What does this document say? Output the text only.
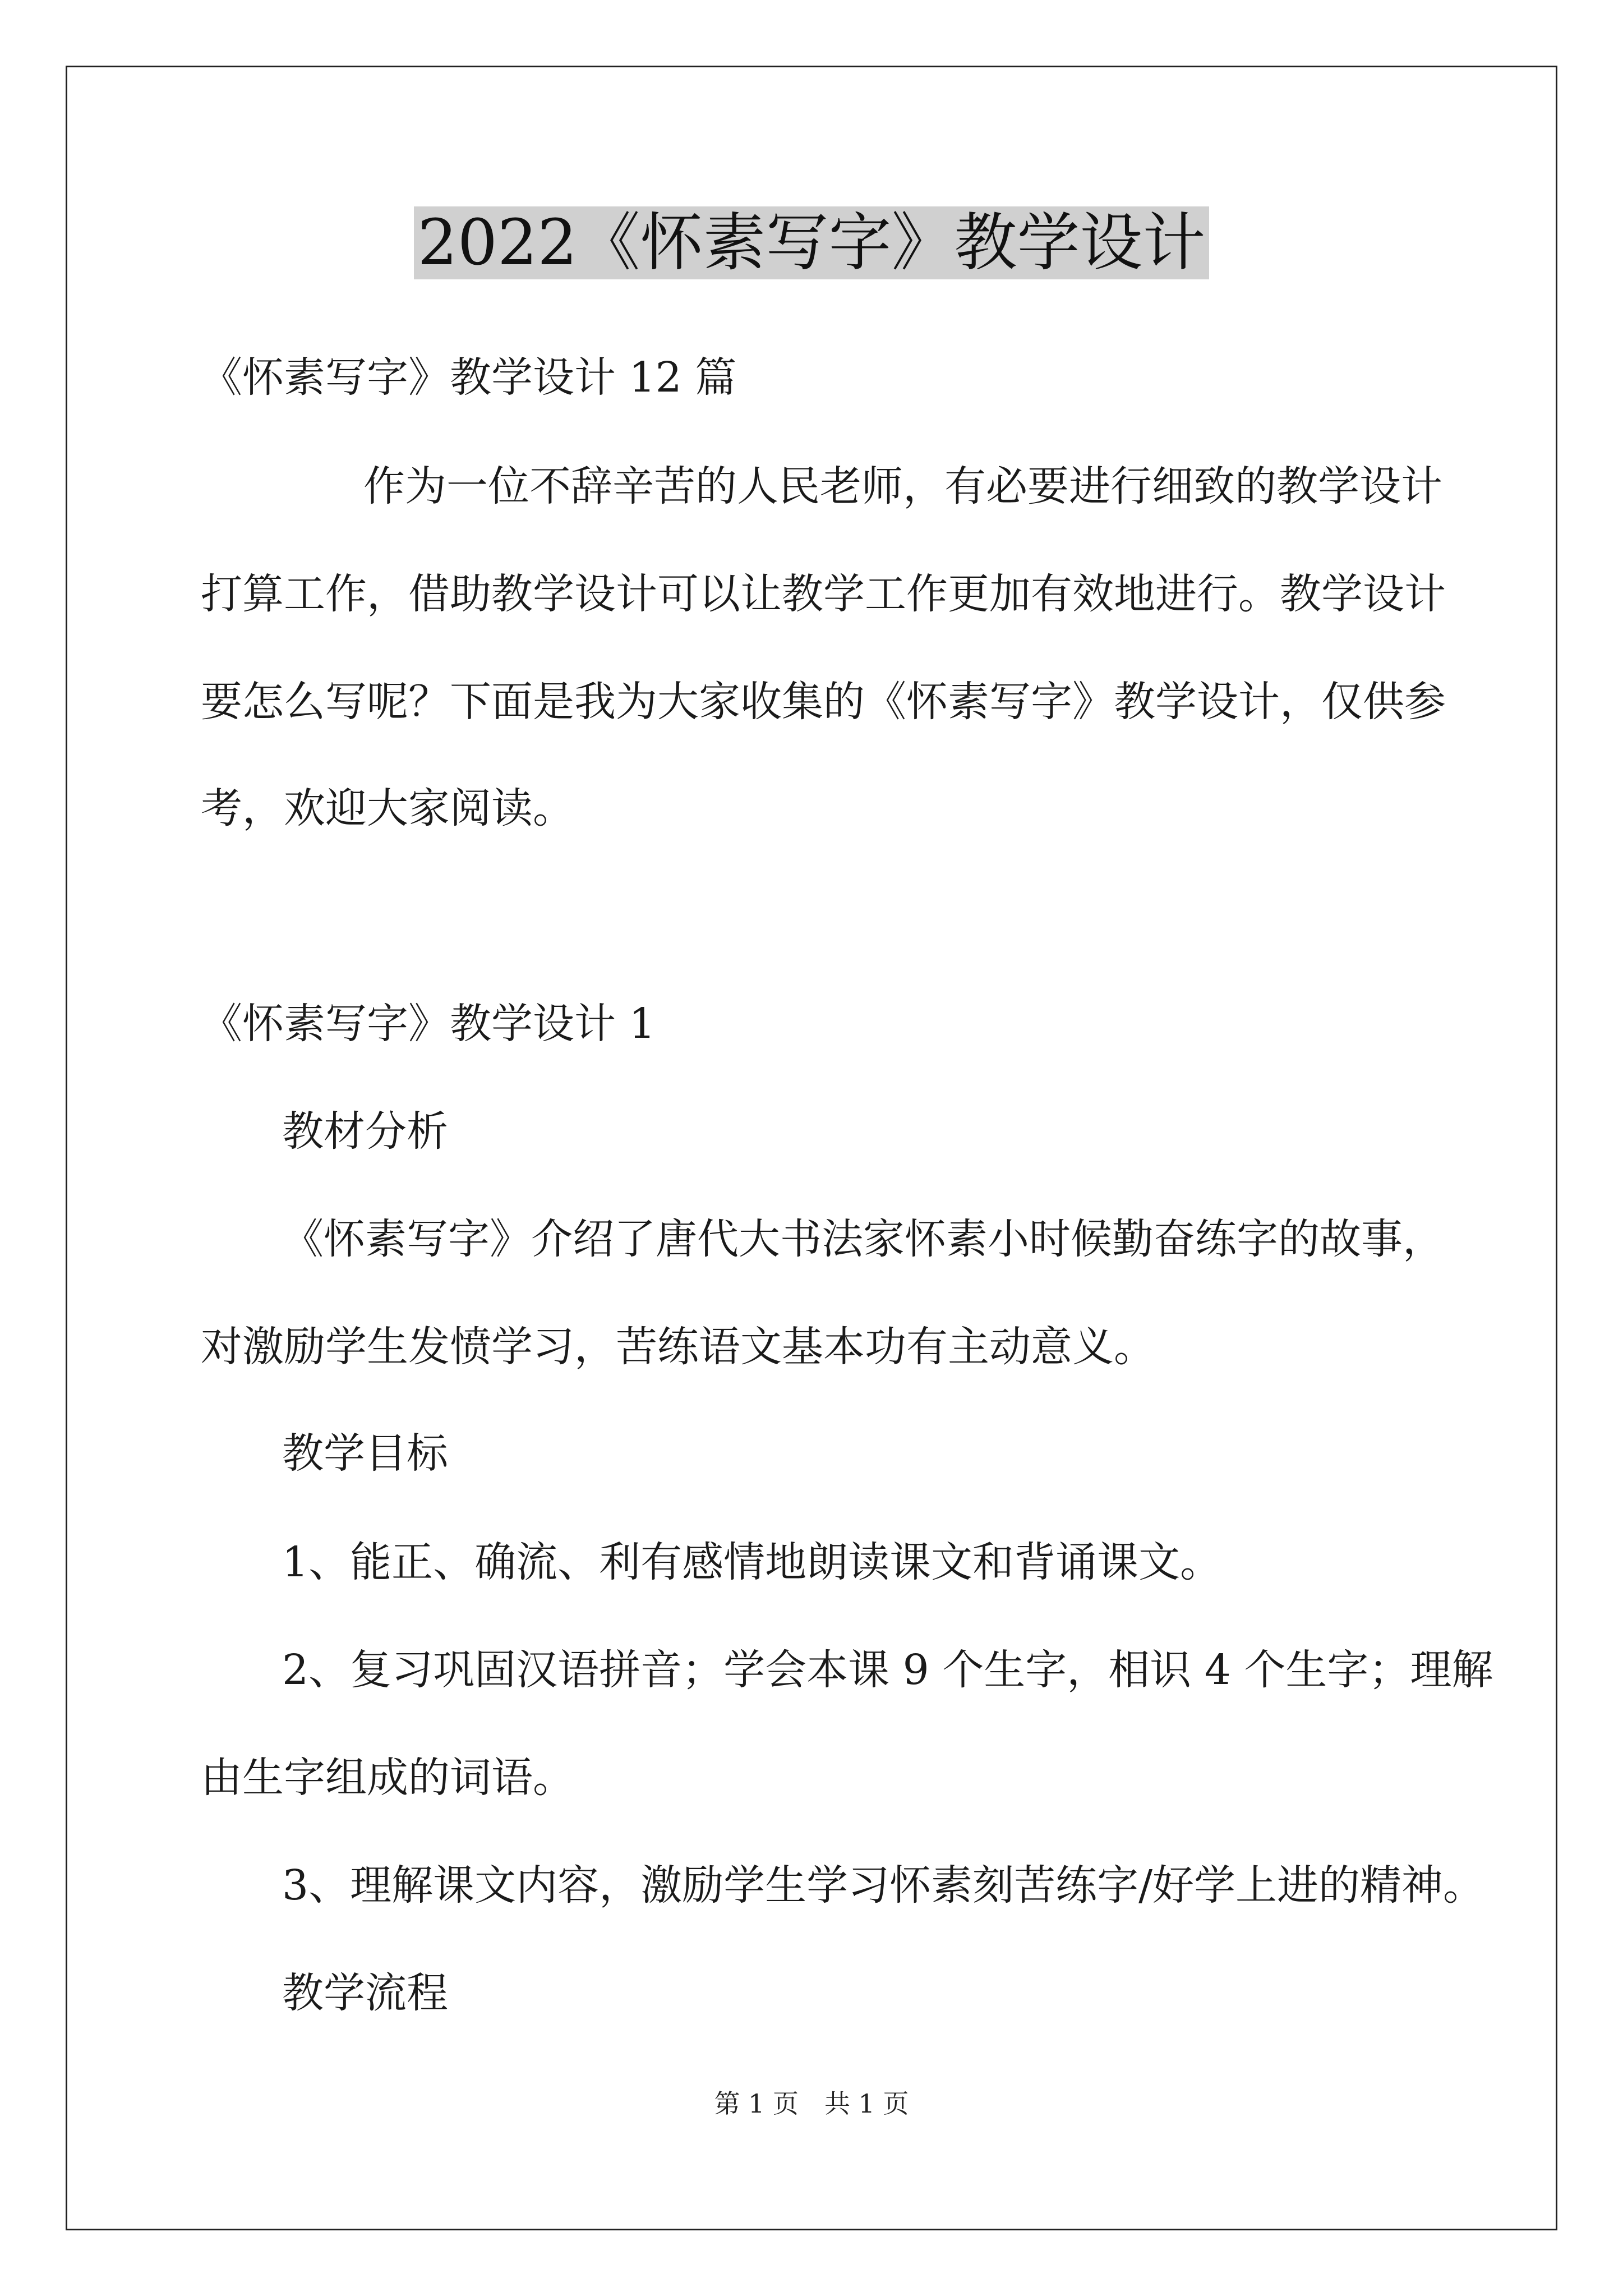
2022《怀素写字》教学设计
《怀素写字》教学设计 12 篇
作为一位不辞辛苦的人民老师，有必要进行细致的教学设计
打算工作，借助教学设计可以让教学工作更加有效地进行。教学设计
要怎么写呢？下面是我为大家收集的《怀素写字》教学设计，仅供参
考，欢迎大家阅读。
《怀素写字》教学设计 1
教材分析
《怀素写字》介绍了唐代大书法家怀素小时候勤奋练字的故事，
对激励学生发愤学习，苦练语文基本功有主动意义。
教学目标
1、能正、确流、利有感情地朗读课文和背诵课文。
2、复习巩固汉语拼音；学会本课 9 个生字，相识 4 个生字；理解
由生字组成的词语。
3、理解课文内容，激励学生学习怀素刻苦练字/好学上进的精神。
教学流程
第 1 页　共 1 页
